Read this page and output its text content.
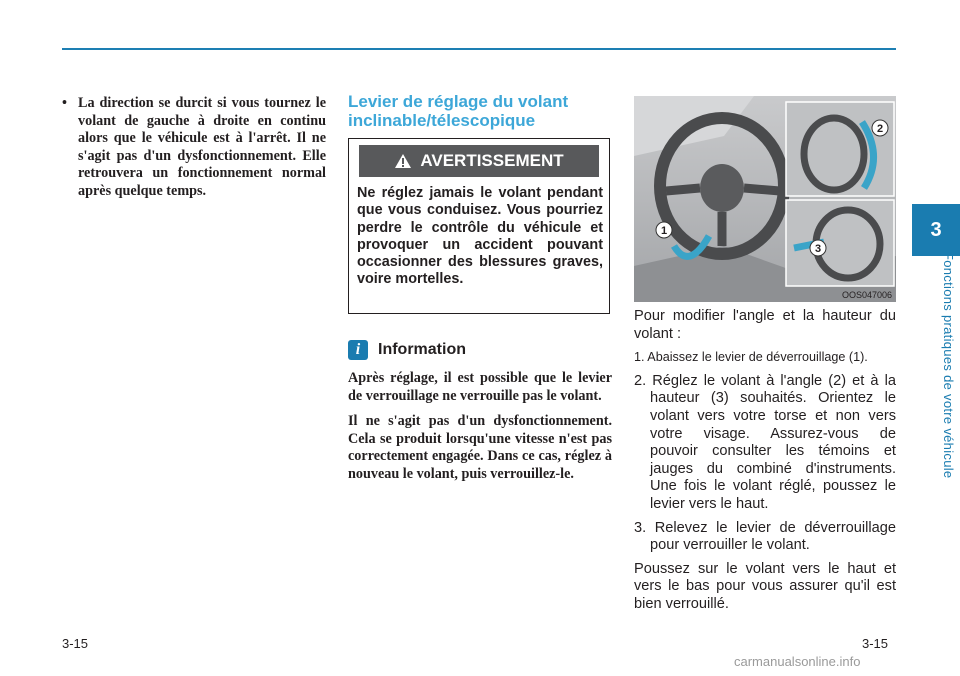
3
Fonctions pratiques de votre véhicule
• La direction se durcit si vous tournez le volant de gauche à droite en continu alors que le véhicule est à l'arrêt. Il ne s'agit pas d'un dysfonctionnement. Elle retrouvera un fonctionnement normal après quelque temps.
Levier de réglage du volant
inclinable/télescopique
AVERTISSEMENT
Ne réglez jamais le volant pendant que vous conduisez. Vous pourriez perdre le contrôle du véhicule et provoquer un accident pouvant occasionner des blessures graves, voire mortelles.
i	Information

Après réglage, il est possible que le levier de verrouillage ne verrouille pas le volant.

Il ne s'agit pas d'un dysfonctionnement. Cela se produit lorsqu'une vitesse n'est pas correctement engagée. Dans ce cas, réglez à nouveau le volant, puis verrouillez-le.

1
2
3
OOS047006

Pour modifier l'angle et la hauteur du volant :

1. Abaissez le levier de déverrouillage (1).

2. Réglez le volant à l'angle (2) et à la hauteur (3) souhaités. Orientez le volant vers votre torse et non vers votre visage. Assurez-vous de pouvoir consulter les témoins et jauges du combiné d'instruments. Une fois le volant réglé, poussez le levier vers le haut.

3. Relevez le levier de déverrouillage pour verrouiller le volant.

Poussez sur le volant vers le haut et vers le bas pour vous assurer qu'il est bien verrouillé.

3-15	3-15
carmanualsonline.info
